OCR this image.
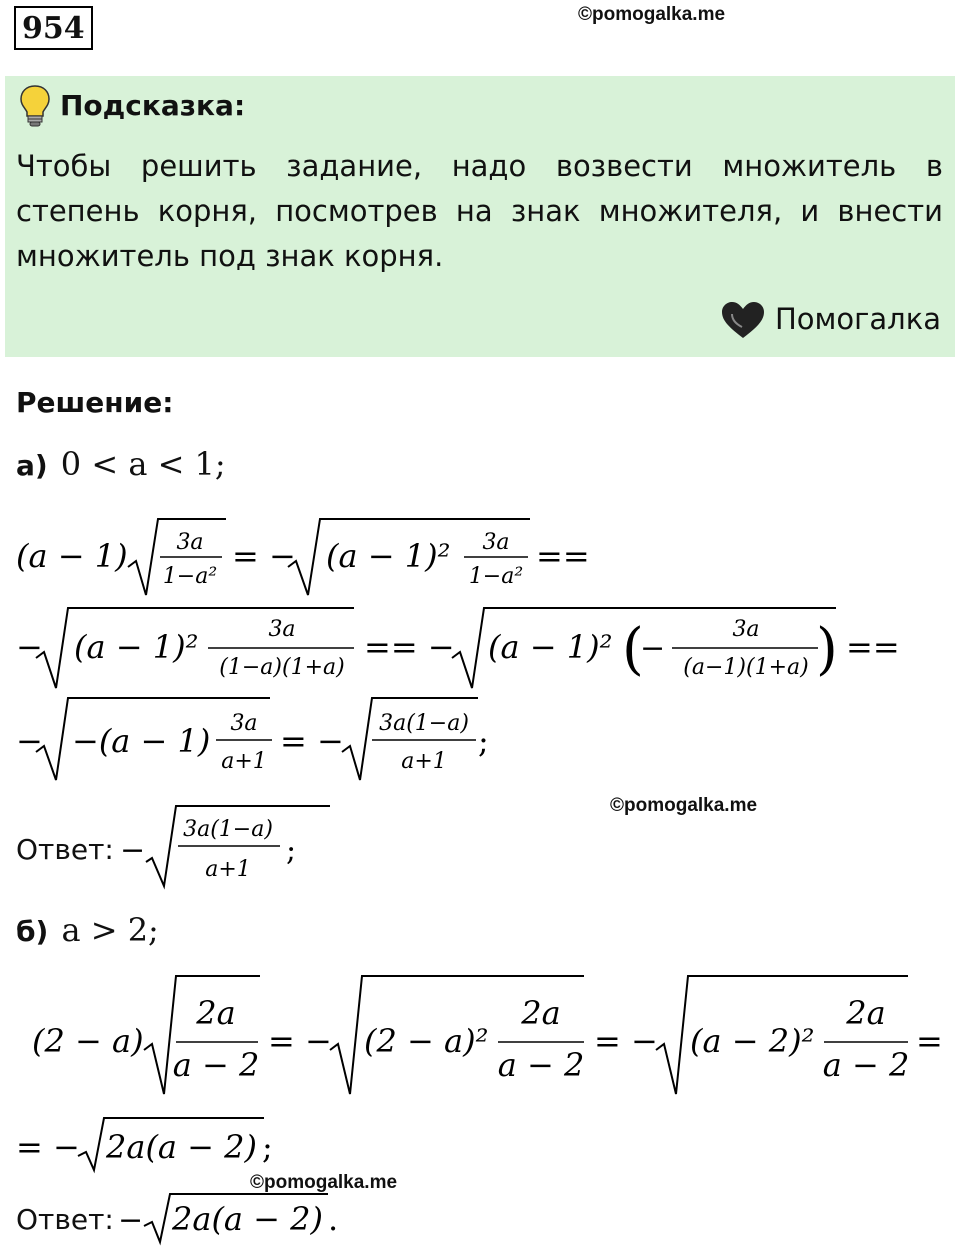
954	©pomogalka.me
Подсказка:
Чтобы решить задание, надо возвести множитель в степень корня, посмотрев на знак множителя, и внести множитель под знак корня.
Помогалка
Решение:
а) 0 < a < 1;
(a − 1) 3a
1−a²
= − (a − 1)² 3a
1−a²
==
− (a − 1)²	3a
(1−a)(1+a)
== − (a − 1)² (
−
3a
(a−1)(1+a) ) ==
− −(a − 1) 3a
a+1
= − 3a(1−a)
a+1
;
©pomogalka.me
Ответ: −
3a(1−a)
a+1
;
б) a > 2;
(2 − a)
2a
a − 2
= − (2 − a)²
2a
a − 2
= − (a − 2)²
2a
a − 2
=
= − 2a(a − 2) ;
©pomogalka.me
Ответ: − 2a(a − 2) .
